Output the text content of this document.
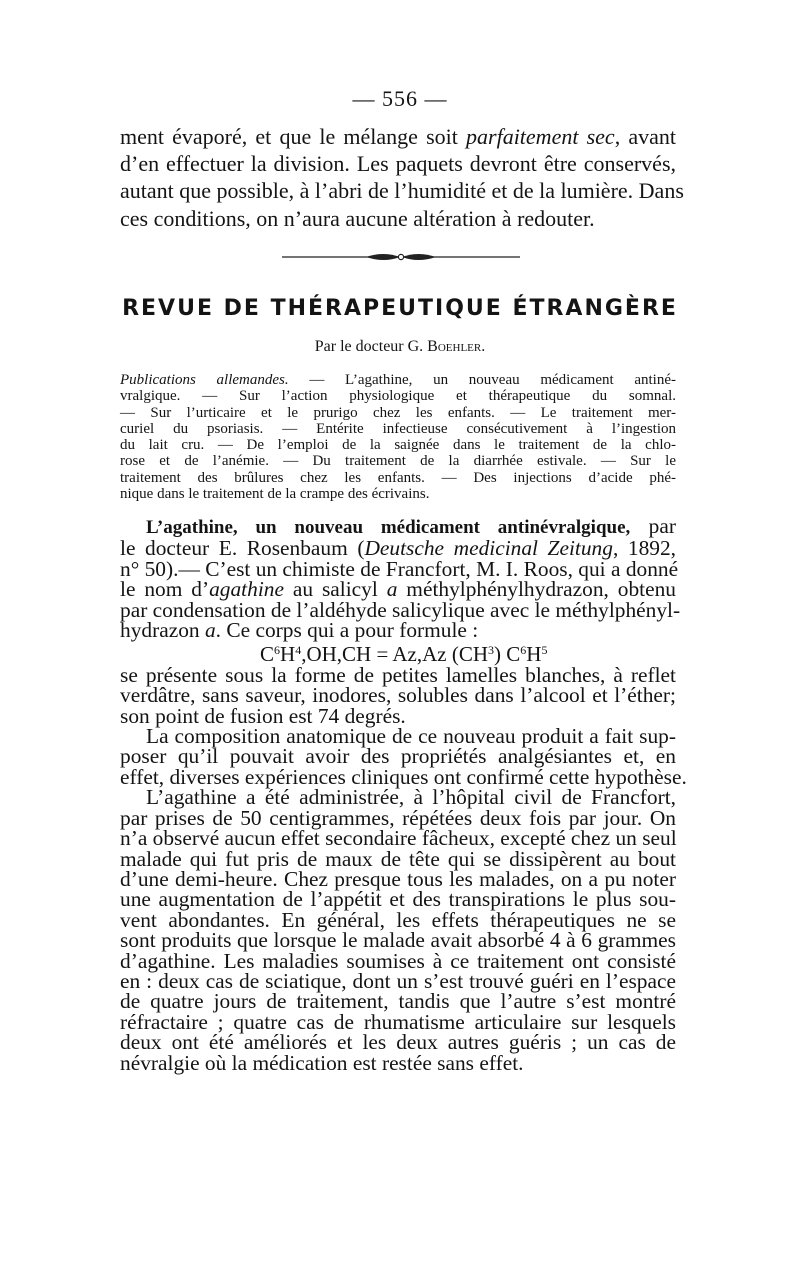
— 556 —
ment évaporé, et que le mélange soit parfaitement sec, avant
d’en effectuer la division. Les paquets devront être conservés,
autant que possible, à l’abri de l’humidité et de la lumière. Dans
ces conditions, on n’aura aucune altération à redouter.
REVUE DE THÉRAPEUTIQUE ÉTRANGÈRE
Par le docteur G. Boehler.
Publications allemandes. — L’agathine, un nouveau médicament antiné-
vralgique. — Sur l’action physiologique et thérapeutique du somnal.
— Sur l’urticaire et le prurigo chez les enfants. — Le traitement mer-
curiel du psoriasis. — Entérite infectieuse consécutivement à l’ingestion
du lait cru. — De l’emploi de la saignée dans le traitement de la chlo-
rose et de l’anémie. — Du traitement de la diarrhée estivale. — Sur le
traitement des brûlures chez les enfants. — Des injections d’acide phé-
nique dans le traitement de la crampe des écrivains.
L’agathine, un nouveau médicament antinévralgique, par
le docteur E. Rosenbaum (Deutsche medicinal Zeitung, 1892,
n° 50).— C’est un chimiste de Francfort, M. I. Roos, qui a donné
le nom d’agathine au salicyl a méthylphénylhydrazon, obtenu
par condensation de l’aldéhyde salicylique avec le méthylphényl-
hydrazon a. Ce corps qui a pour formule :
$C^6H^4,OH,CH = Az,Az$ $(CH^3)$ $C^6H^5$
se présente sous la forme de petites lamelles blanches, à reflet
verdâtre, sans saveur, inodores, solubles dans l’alcool et l’éther;
son point de fusion est 74 degrés.
La composition anatomique de ce nouveau produit a fait sup-
poser qu’il pouvait avoir des propriétés analgésiantes et, en
effet, diverses expériences cliniques ont confirmé cette hypothèse.
L’agathine a été administrée, à l’hôpital civil de Francfort,
par prises de 50 centigrammes, répétées deux fois par jour. On
n’a observé aucun effet secondaire fâcheux, excepté chez un seul
malade qui fut pris de maux de tête qui se dissipèrent au bout
d’une demi-heure. Chez presque tous les malades, on a pu noter
une augmentation de l’appétit et des transpirations le plus sou-
vent abondantes. En général, les effets thérapeutiques ne se
sont produits que lorsque le malade avait absorbé 4 à 6 grammes
d’agathine. Les maladies soumises à ce traitement ont consisté
en : deux cas de sciatique, dont un s’est trouvé guéri en l’espace
de quatre jours de traitement, tandis que l’autre s’est montré
réfractaire ; quatre cas de rhumatisme articulaire sur lesquels
deux ont été améliorés et les deux autres guéris ; un cas de
névralgie où la médication est restée sans effet.
